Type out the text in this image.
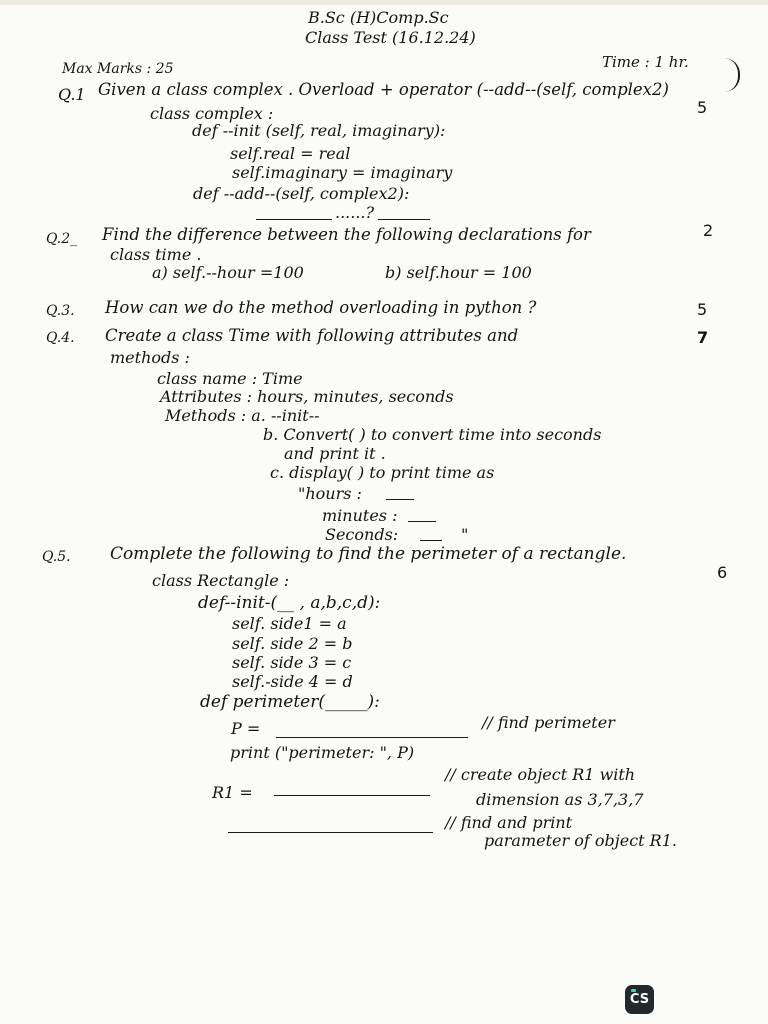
B.Sc (H)Comp.Sc
Class Test (16.12.24)
Max Marks : 25	Time : 1 hr.
Q.1 Given a class complex . Overload + operator (--add--(self, complex2)
5
class complex :
def --init (self, real, imaginary):
self.real = real
self.imaginary = imaginary
def --add--(self, complex2):
......?
Q.2_ Find the difference between the following declarations for	2
class time .
a) self.--hour =100	b) self.hour = 100
Q.3. How can we do the method overloading in python ?	5
Q.4. Create a class Time with following attributes and	7
methods :
class name : Time
Attributes : hours, minutes, seconds
Methods : a. --init--
b. Convert( ) to convert time into seconds
and print it .
c. display( ) to print time as
"hours :
minutes :
Seconds:	"
Q.5. Complete the following to find the perimeter of a rectangle.
6
class Rectangle :
def--init-(__ , a,b,c,d):
self. side1 = a
self. side 2 = b
self. side 3 = c
self.-side 4 = d
def perimeter(_____):
P =	// find perimeter
print ("perimeter: ", P)
R1 =
// create object R1 with
dimension as 3,7,3,7
// find and print
parameter of object R1.
CS
